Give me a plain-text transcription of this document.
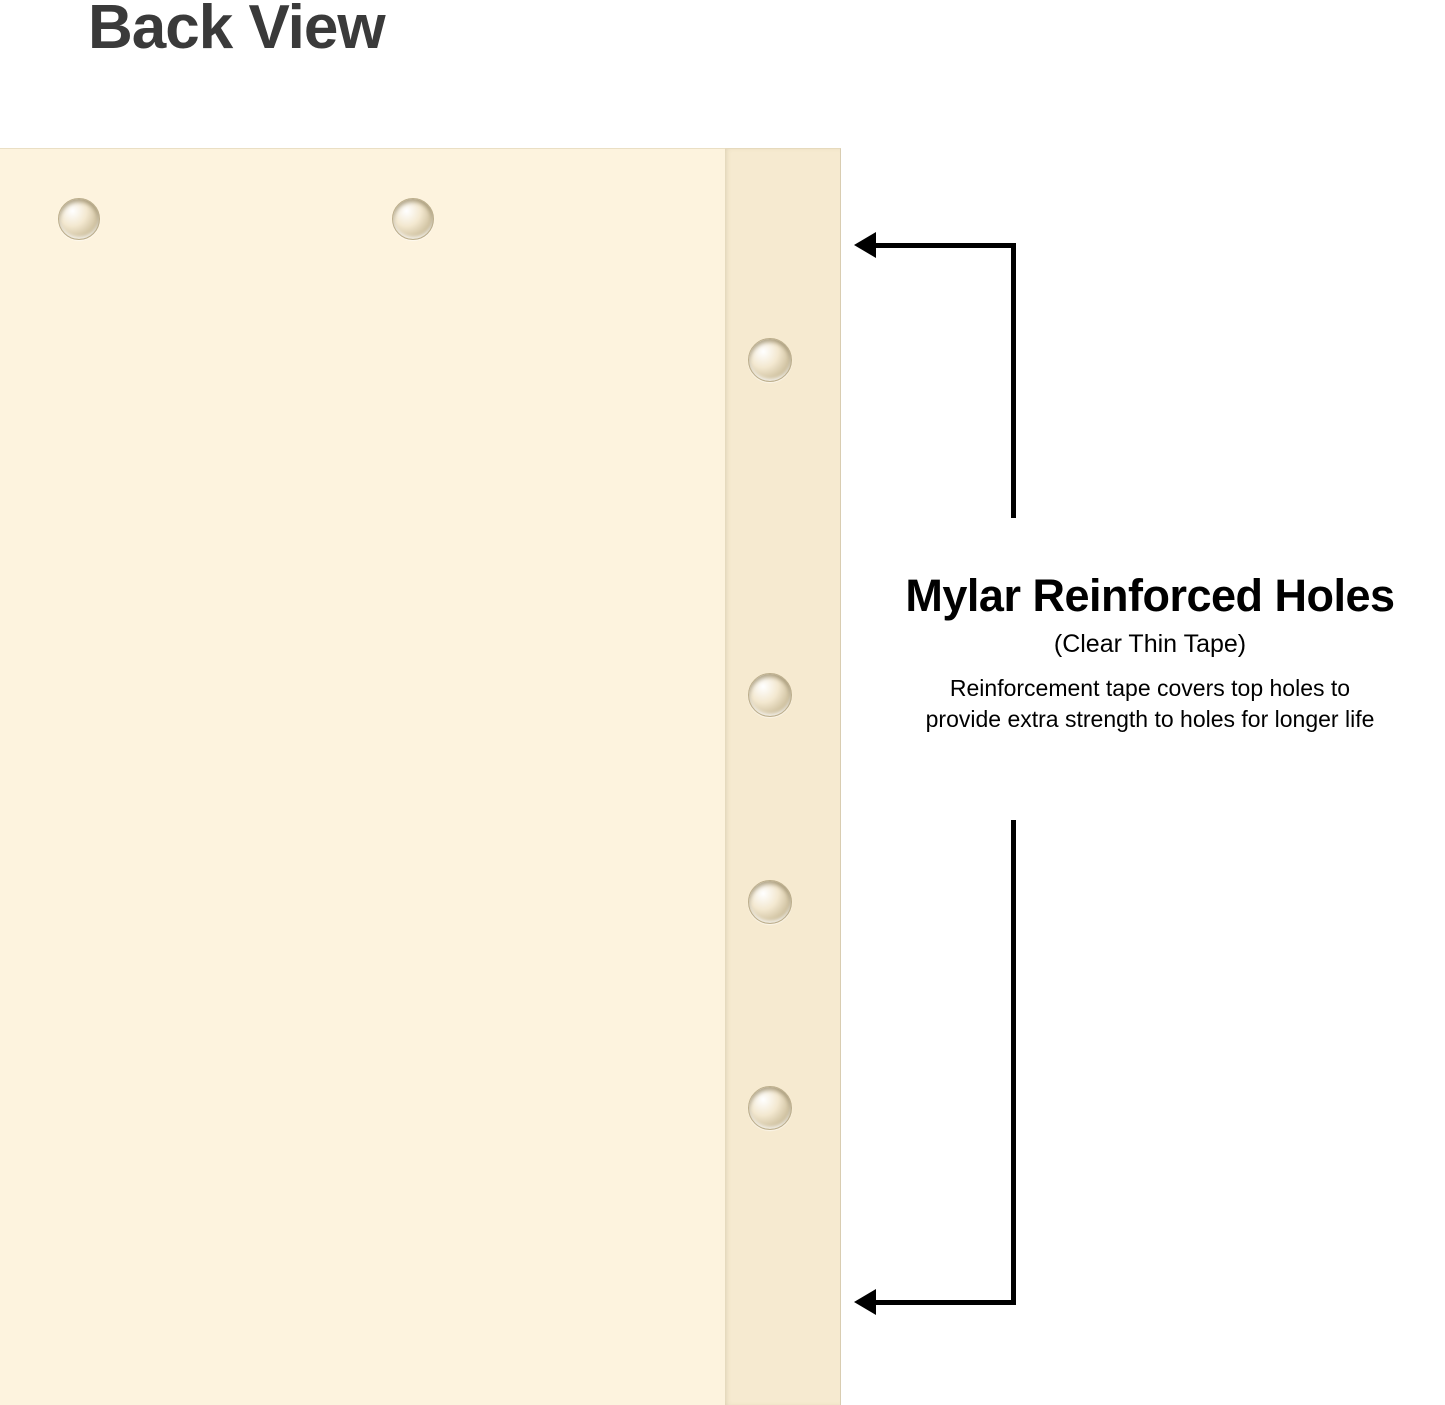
Back View
Mylar Reinforced Holes
(Clear Thin Tape)
Reinforcement tape covers top holes to
provide extra strength to holes for longer life
